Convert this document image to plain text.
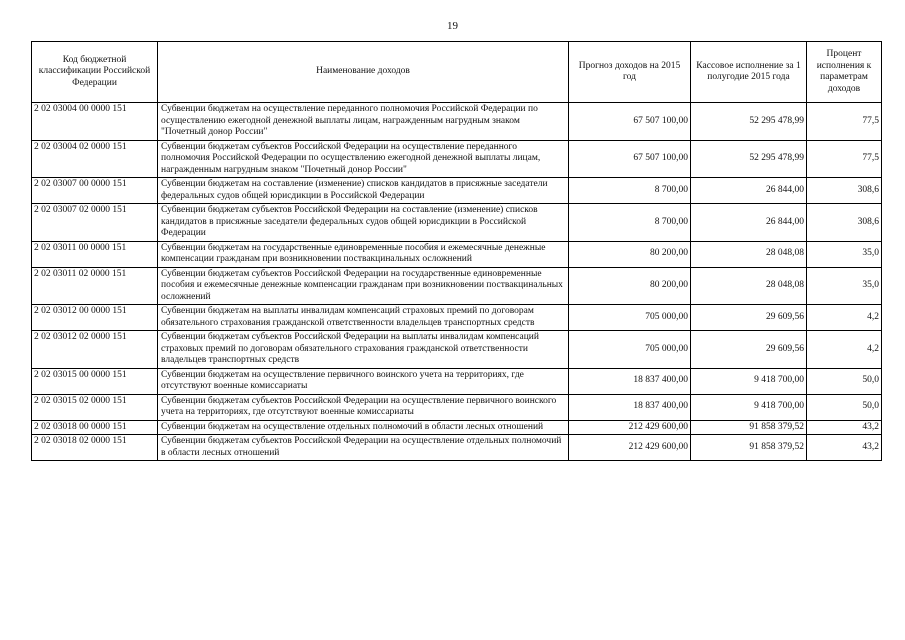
19
Код бюджетной классификации Российской Федерации	Наименование доходов	Прогноз доходов на 2015 год	Кассовое исполнение за 1 полугодие 2015 года	Процент исполнения к параметрам доходов
2 02 03004 00 0000 151	Субвенции бюджетам на осуществление переданного полномочия Российской Федерации по осуществлению ежегодной денежной выплаты лицам, награжденным нагрудным знаком "Почетный донор России"	67 507 100,00	52 295 478,99	77,5
2 02 03004 02 0000 151	Субвенции бюджетам субъектов Российской Федерации на осуществление переданного полномочия Российской Федерации по осуществлению ежегодной денежной выплаты лицам, награжденным нагрудным знаком "Почетный донор России"	67 507 100,00	52 295 478,99	77,5
2 02 03007 00 0000 151	Субвенции бюджетам на составление (изменение) списков кандидатов в присяжные заседатели федеральных судов общей юрисдикции в Российской Федерации	8 700,00	26 844,00	308,6
2 02 03007 02 0000 151	Субвенции бюджетам субъектов Российской Федерации на составление (изменение) списков кандидатов в присяжные заседатели федеральных судов общей юрисдикции в Российской Федерации	8 700,00	26 844,00	308,6
2 02 03011 00 0000 151	Субвенции бюджетам на государственные единовременные пособия и ежемесячные денежные компенсации гражданам при возникновении поствакцинальных осложнений	80 200,00	28 048,08	35,0
2 02 03011 02 0000 151	Субвенции бюджетам субъектов Российской Федерации на государственные единовременные пособия и ежемесячные денежные компенсации гражданам при возникновении поствакцинальных осложнений	80 200,00	28 048,08	35,0
2 02 03012 00 0000 151	Субвенции бюджетам на выплаты инвалидам компенсаций страховых премий по договорам обязательного страхования гражданской ответственности владельцев транспортных средств	705 000,00	29 609,56	4,2
2 02 03012 02 0000 151	Субвенции бюджетам субъектов Российской Федерации на выплаты инвалидам компенсаций страховых премий по договорам обязательного страхования гражданской ответственности владельцев транспортных средств	705 000,00	29 609,56	4,2
2 02 03015 00 0000 151	Субвенции бюджетам на осуществление первичного воинского учета на территориях, где отсутствуют военные комиссариаты	18 837 400,00	9 418 700,00	50,0
2 02 03015 02 0000 151	Субвенции бюджетам субъектов Российской Федерации на осуществление первичного воинского учета на территориях, где отсутствуют военные комиссариаты	18 837 400,00	9 418 700,00	50,0
2 02 03018 00 0000 151	Субвенции бюджетам на осуществление отдельных полномочий в области лесных отношений	212 429 600,00	91 858 379,52	43,2
2 02 03018 02 0000 151	Субвенции бюджетам субъектов Российской Федерации на осуществление отдельных полномочий в области лесных отношений	212 429 600,00	91 858 379,52	43,2
